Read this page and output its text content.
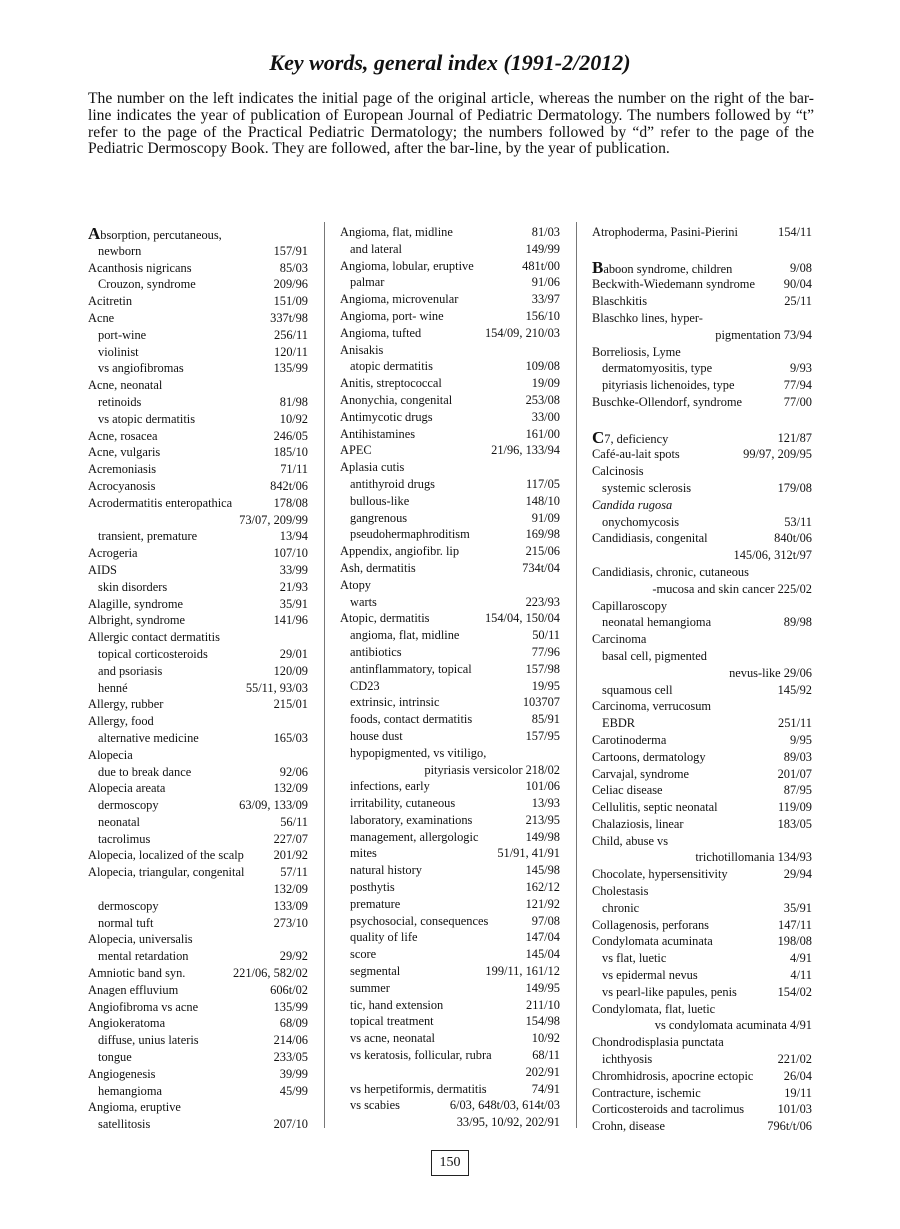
Key words, general index (1991-2/2012)
The number on the left indicates the initial page of the original article, whereas the number on the right of the bar-line indicates the year of publication of European Journal of Pediatric Dermatology. The numbers followed by “t” refer to the page of the Practical Pediatric Dermatology; the numbers followed by “d” refer to the page of the Pediatric Dermoscopy Book. They are followed, after the bar-line, by the year of publication.
Absorption, percutaneous,
newborn	157/91
Acanthosis nigricans	85/03
Crouzon, syndrome	209/96
Acitretin	151/09
Acne	337t/98
port-wine	256/11
violinist	120/11
vs angiofibromas	135/99
Acne, neonatal
retinoids	81/98
vs atopic dermatitis	10/92
Acne, rosacea	246/05
Acne, vulgaris	185/10
Acremoniasis	71/11
Acrocyanosis	842t/06
Acrodermatitis enteropathica	178/08
73/07, 209/99
transient, premature	13/94
Acrogeria	107/10
AIDS	33/99
skin disorders	21/93
Alagille, syndrome	35/91
Albright, syndrome	141/96
Allergic contact dermatitis
topical corticosteroids	29/01
and psoriasis	120/09
henné	55/11, 93/03
Allergy, rubber	215/01
Allergy, food
alternative medicine	165/03
Alopecia
due to break dance	92/06
Alopecia areata	132/09
dermoscopy	63/09, 133/09
neonatal	56/11
tacrolimus	227/07
Alopecia, localized of the scalp 201/92
Alopecia, triangular, congenital	57/11
132/09
dermoscopy	133/09
normal tuft	273/10
Alopecia, universalis
mental retardation	29/92
Amniotic band syn.	221/06, 582/02
Anagen effluvium	606t/02
Angiofibroma vs acne	135/99
Angiokeratoma	68/09
diffuse, unius lateris	214/06
tongue	233/05
Angiogenesis	39/99
hemangioma	45/99
Angioma, eruptive
satellitosis	207/10
Angioma, flat, midline	81/03
and lateral	149/99
Angioma, lobular, eruptive	481t/00
palmar	91/06
Angioma, microvenular	33/97
Angioma, port- wine	156/10
Angioma, tufted	154/09, 210/03
Anisakis
atopic dermatitis	109/08
Anitis, streptococcal	19/09
Anonychia, congenital	253/08
Antimycotic drugs	33/00
Antihistamines	161/00
APEC	21/96, 133/94
Aplasia cutis
antithyroid drugs	117/05
bullous-like	148/10
gangrenous	91/09
pseudohermaphroditism	169/98
Appendix, angiofibr. lip	215/06
Ash, dermatitis	734t/04
Atopy
warts	223/93
Atopic, dermatitis	154/04, 150/04
angioma, flat, midline	50/11
antibiotics	77/96
antinflammatory, topical	157/98
CD23	19/95
extrinsic, intrinsic	103707
foods, contact dermatitis	85/91
house dust	157/95
hypopigmented, vs vitiligo,
pityriasis versicolor 218/02
infections, early	101/06
irritability, cutaneous	13/93
laboratory, examinations	213/95
management, allergologic	149/98
mites	51/91, 41/91
natural history	145/98
posthytis	162/12
premature	121/92
psychosocial, consequences	97/08
quality of life	147/04
score	145/04
segmental	199/11, 161/12
summer	149/95
tic, hand extension	211/10
topical treatment	154/98
vs acne, neonatal	10/92
vs keratosis, follicular, rubra	68/11
202/91
vs herpetiformis, dermatitis	74/91
vs scabies	6/03, 648t/03, 614t/03
33/95, 10/92, 202/91
Atrophoderma, Pasini-Pierini	154/11
Baboon syndrome, children	9/08
Beckwith-Wiedemann syndrome 90/04
Blaschkitis	25/11
Blaschko lines, hyper-
pigmentation 73/94
Borreliosis, Lyme
dermatomyositis, type	9/93
pityriasis lichenoides, type	77/94
Buschke-Ollendorf, syndrome	77/00
C7, deficiency	121/87
Café-au-lait spots	99/97, 209/95
Calcinosis
systemic sclerosis	179/08
Candida rugosa
onychomycosis	53/11
Candidiasis, congenital	840t/06
145/06, 312t/97
Candidiasis, chronic, cutaneous
-mucosa and skin cancer 225/02
Capillaroscopy
neonatal hemangioma	89/98
Carcinoma
basal cell, pigmented
nevus-like 29/06
squamous cell	145/92
Carcinoma, verrucosum
EBDR	251/11
Carotinoderma	9/95
Cartoons, dermatology	89/03
Carvajal, syndrome	201/07
Celiac disease	87/95
Cellulitis, septic neonatal	119/09
Chalaziosis, linear	183/05
Child, abuse vs
trichotillomania 134/93
Chocolate, hypersensitivity	29/94
Cholestasis
chronic	35/91
Collagenosis, perforans	147/11
Condylomata acuminata	198/08
vs flat, luetic	4/91
vs epidermal nevus	4/11
vs pearl-like papules, penis	154/02
Condylomata, flat, luetic
vs condylomata acuminata 4/91
Chondrodisplasia punctata
ichthyosis	221/02
Chromhidrosis, apocrine ectopic 26/04
Contracture, ischemic	19/11
Corticosteroids and tacrolimus	101/03
Crohn, disease	796t/t/06
150
